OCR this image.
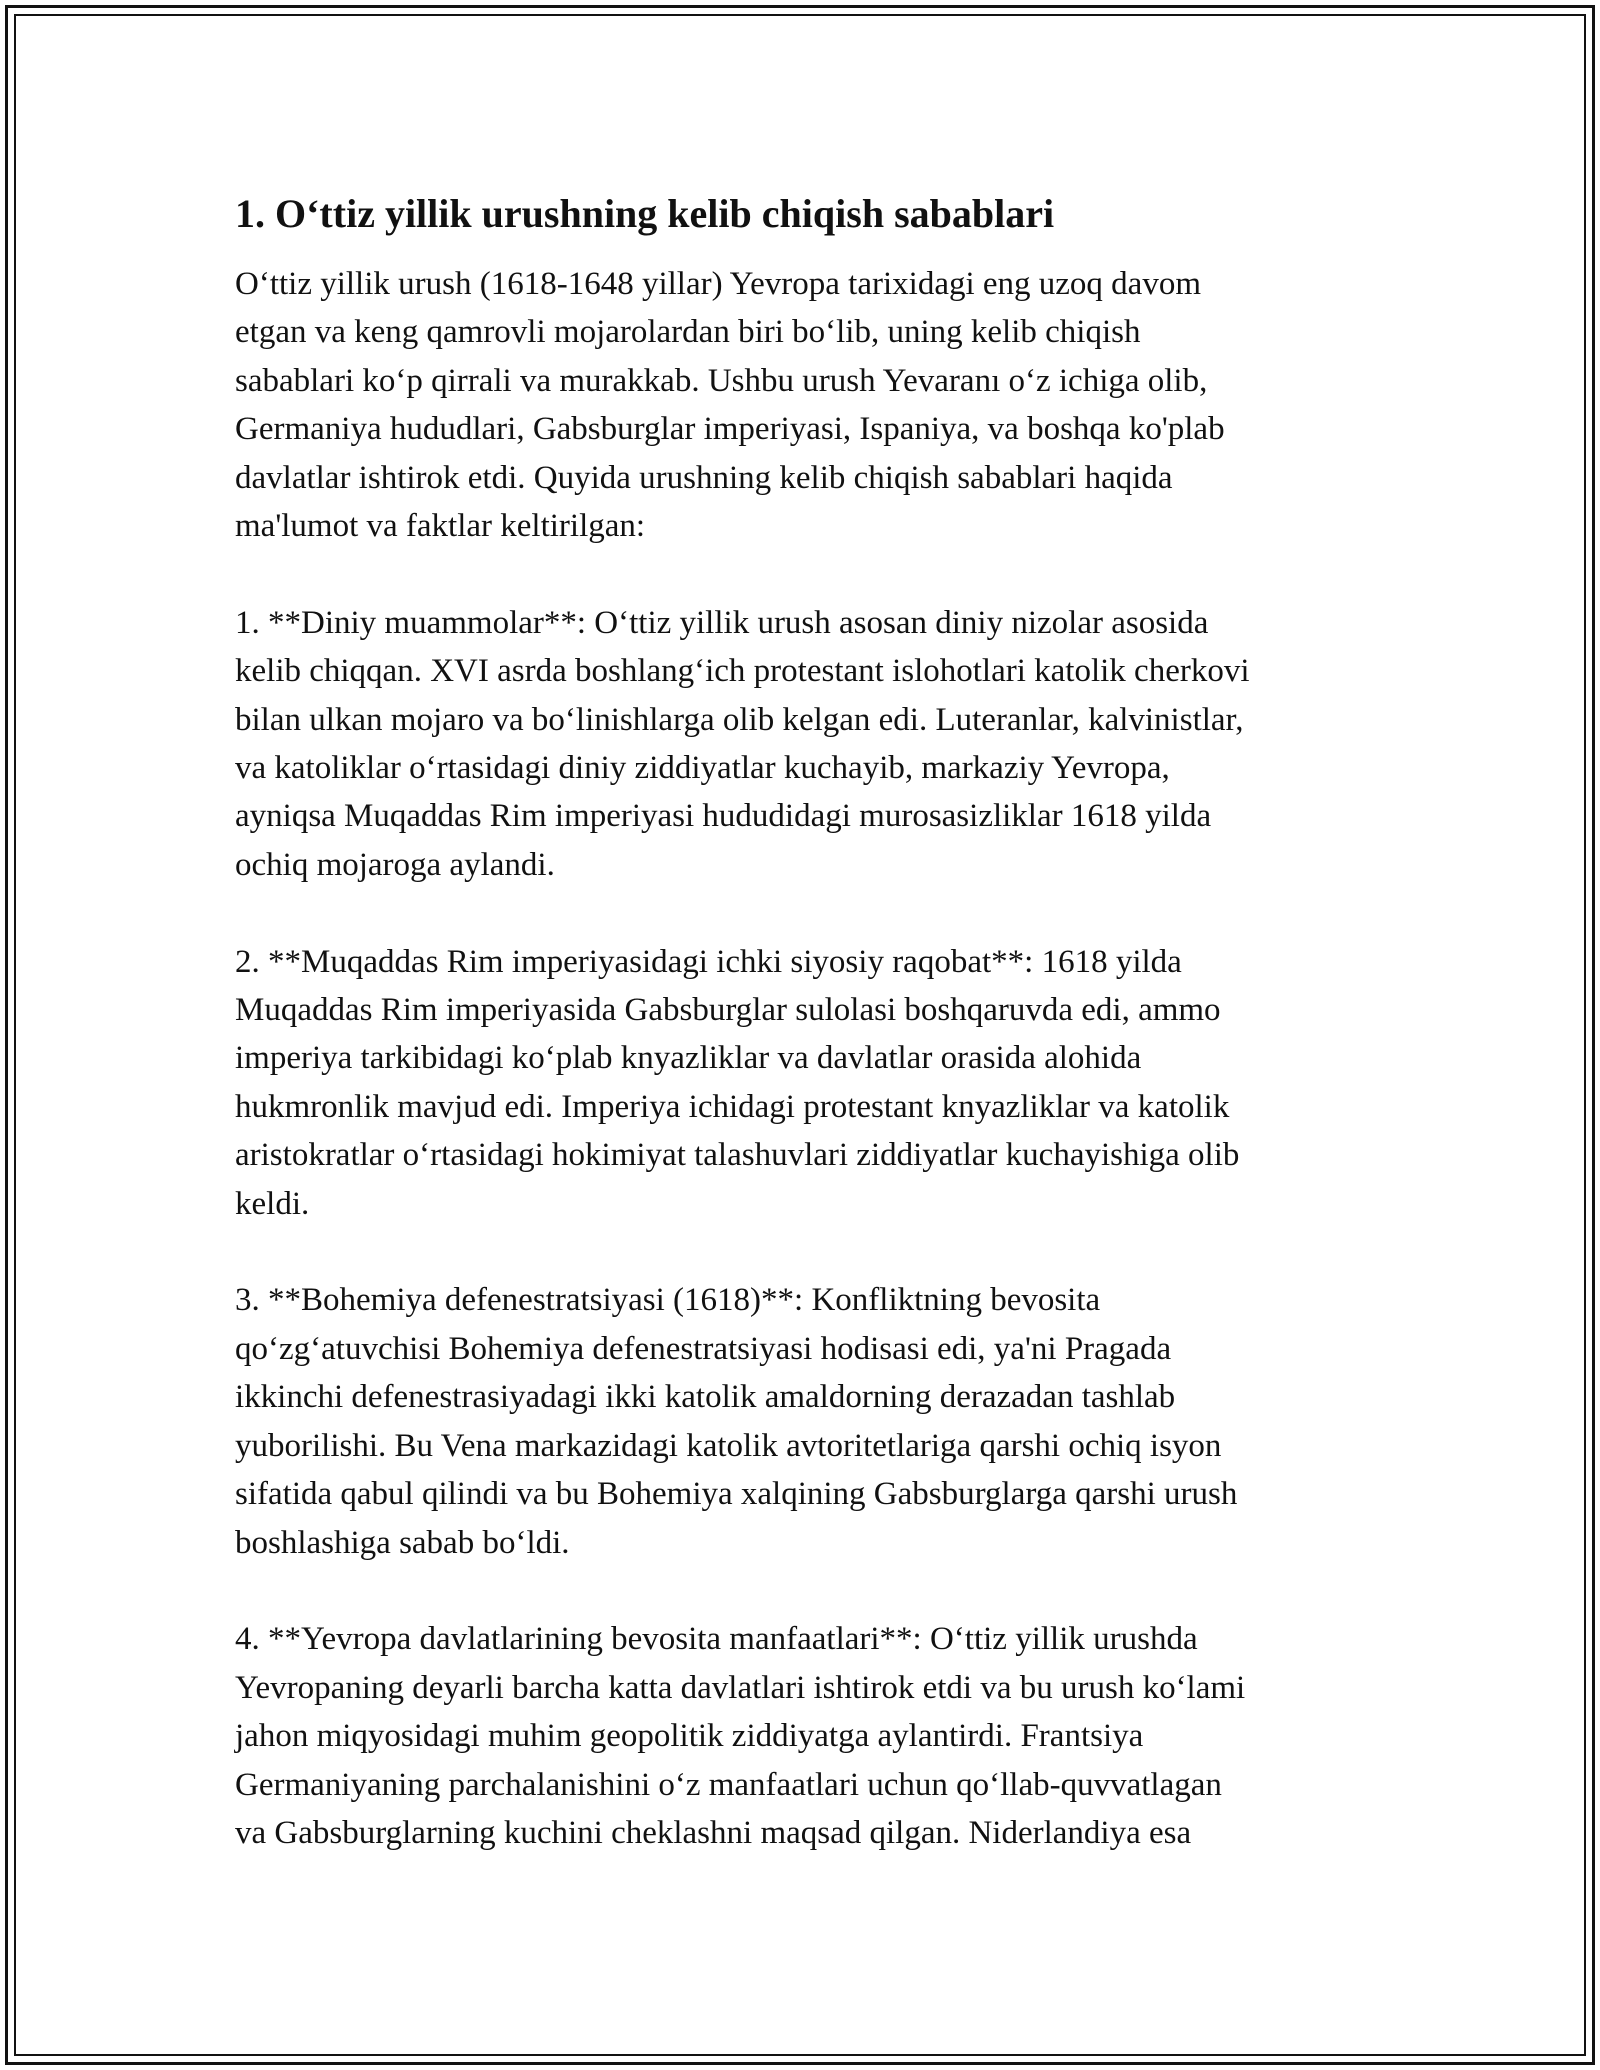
1. O‘ttiz yillik urushning kelib chiqish sabablari

O‘ttiz yillik urush (1618-1648 yillar) Yevropa tarixidagi eng uzoq davom
etgan va keng qamrovli mojarolardan biri bo‘lib, uning kelib chiqish
sabablari ko‘p qirrali va murakkab. Ushbu urush Yevaranı o‘z ichiga olib,
Germaniya hududlari, Gabsburglar imperiyasi, Ispaniya, va boshqa ko'plab
davlatlar ishtirok etdi. Quyida urushning kelib chiqish sabablari haqida
ma'lumot va faktlar keltirilgan:

1. **Diniy muammolar**: O‘ttiz yillik urush asosan diniy nizolar asosida
kelib chiqqan. XVI asrda boshlang‘ich protestant islohotlari katolik cherkovi
bilan ulkan mojaro va bo‘linishlarga olib kelgan edi. Luteranlar, kalvinistlar,
va katoliklar o‘rtasidagi diniy ziddiyatlar kuchayib, markaziy Yevropa,
ayniqsa Muqaddas Rim imperiyasi hududidagi murosasizliklar 1618 yilda
ochiq mojaroga aylandi.

2. **Muqaddas Rim imperiyasidagi ichki siyosiy raqobat**: 1618 yilda
Muqaddas Rim imperiyasida Gabsburglar sulolasi boshqaruvda edi, ammo
imperiya tarkibidagi ko‘plab knyazliklar va davlatlar orasida alohida
hukmronlik mavjud edi. Imperiya ichidagi protestant knyazliklar va katolik
aristokratlar o‘rtasidagi hokimiyat talashuvlari ziddiyatlar kuchayishiga olib
keldi.

3. **Bohemiya defenestratsiyasi (1618)**: Konfliktning bevosita
qo‘zg‘atuvchisi Bohemiya defenestratsiyasi hodisasi edi, ya'ni Pragada
ikkinchi defenestrasiyadagi ikki katolik amaldorning derazadan tashlab
yuborilishi. Bu Vena markazidagi katolik avtoritetlariga qarshi ochiq isyon
sifatida qabul qilindi va bu Bohemiya xalqining Gabsburglarga qarshi urush
boshlashiga sabab bo‘ldi.

4. **Yevropa davlatlarining bevosita manfaatlari**: O‘ttiz yillik urushda
Yevropaning deyarli barcha katta davlatlari ishtirok etdi va bu urush ko‘lami
jahon miqyosidagi muhim geopolitik ziddiyatga aylantirdi. Frantsiya
Germaniyaning parchalanishini o‘z manfaatlari uchun qo‘llab-quvvatlagan
va Gabsburglarning kuchini cheklashni maqsad qilgan. Niderlandiya esa
